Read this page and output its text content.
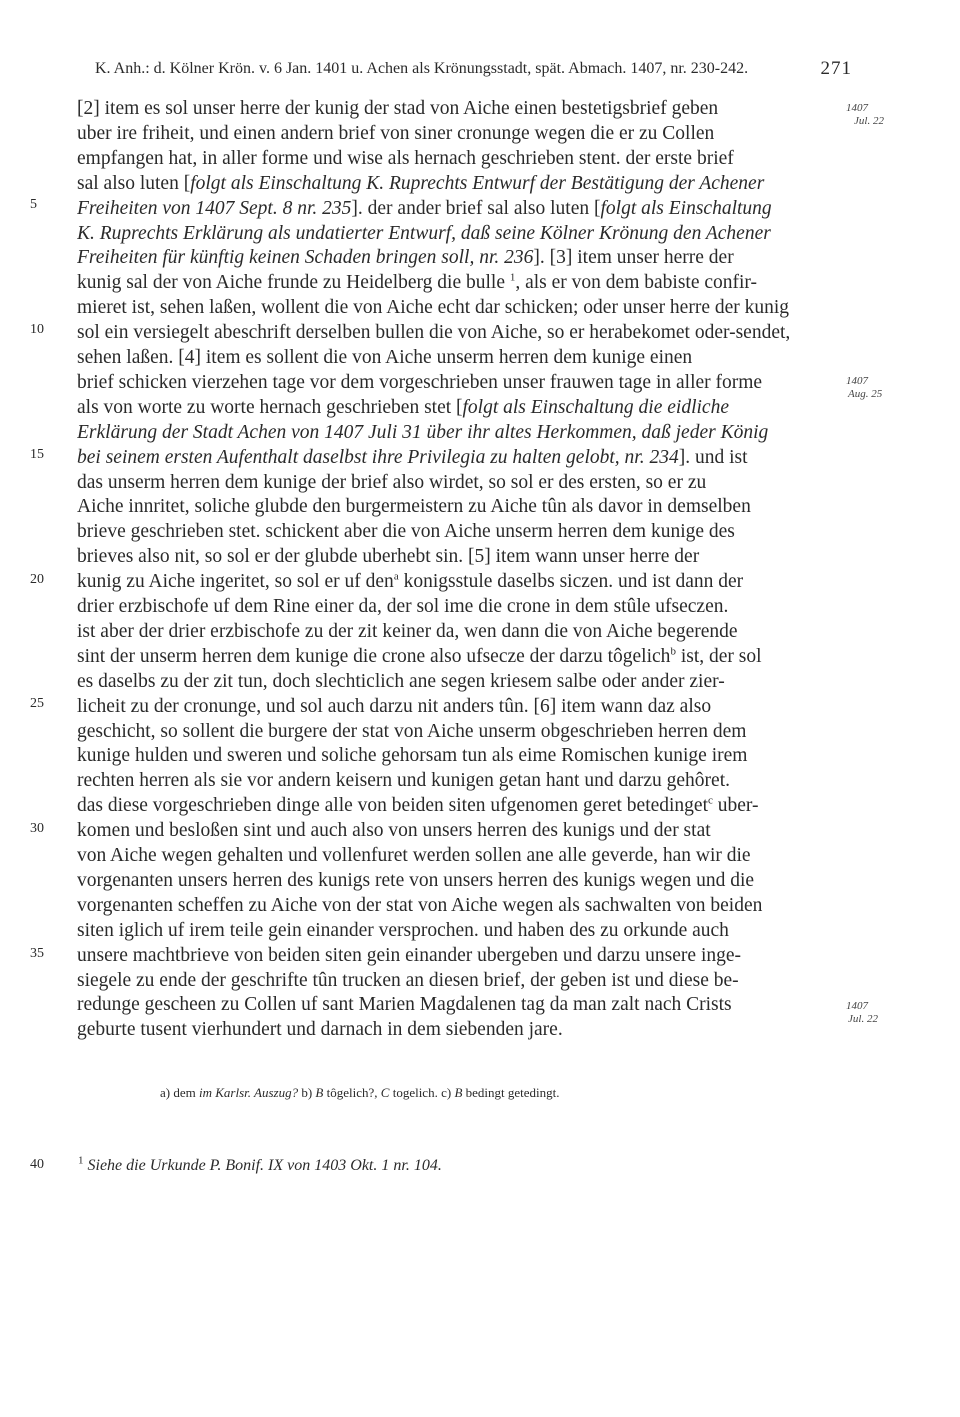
K. Anh.: d. Kölner Krön. v. 6 Jan. 1401 u. Achen als Krönungsstadt, spät. Abmach. 1407, nr. 230-242.	271
[2] item es sol unser herre der kunig der stad von Aiche einen bestetigsbrief geben
uber ire friheit, und einen andern brief von siner cronunge wegen die er zu Collen
empfangen hat, in aller forme und wise als hernach geschrieben stent. der erste brief
sal also luten [folgt als Einschaltung K. Ruprechts Entwurf der Bestätigung der Achener
Freiheiten von 1407 Sept. 8 nr. 235]. der ander brief sal also luten [folgt als Einschaltung
K. Ruprechts Erklärung als undatierter Entwurf, daß seine Kölner Krönung den Achener
Freiheiten für künftig keinen Schaden bringen soll, nr. 236]. [3] item unser herre der
kunig sal der von Aiche frunde zu Heidelberg die bulle $^1$, als er von dem babiste confir-
mieret ist, sehen laßen, wollent die von Aiche echt dar schicken; oder unser herre der kunig
sol ein versiegelt abeschrift derselben bullen die von Aiche, so er herabekomet oder-sendet,
sehen laßen. [4] item es sollent die von Aiche unserm herren dem kunige einen
brief schicken vierzehen tage vor dem vorgeschrieben unser frauwen tage in aller forme
als von worte zu worte hernach geschrieben stet [folgt als Einschaltung die eidliche
Erklärung der Stadt Achen von 1407 Juli 31 über ihr altes Herkommen, daß jeder König
bei seinem ersten Aufenthalt daselbst ihre Privilegia zu halten gelobt, nr. 234]. und ist
das unserm herren dem kunige der brief also wirdet, so sol er des ersten, so er zu
Aiche innritet, soliche glubde den burgermeistern zu Aiche tûn als davor in demselben
brieve geschrieben stet. schickent aber die von Aiche unserm herren dem kunige des
brieves also nit, so sol er der glubde uberhebt sin. [5] item wann unser herre der
kunig zu Aiche ingeritet, so sol er uf den$^a$ konigsstule daselbs siczen. und ist dann der
drier erzbischofe uf dem Rine einer da, der sol ime die crone in dem stûle ufseczen.
ist aber der drier erzbischofe zu der zit keiner da, wen dann die von Aiche begerende
sint der unserm herren dem kunige die crone also ufsecze der darzu tôgelich$^b$ ist, der sol
es daselbs zu der zit tun, doch slechticlich ane segen kriesem salbe oder ander zier-
licheit zu der cronunge, und sol auch darzu nit anders tûn. [6] item wann daz also
geschicht, so sollent die burgere der stat von Aiche unserm obgeschrieben herren dem
kunige hulden und sweren und soliche gehorsam tun als eime Romischen kunige irem
rechten herren als sie vor andern keisern und kunigen getan hant und darzu gehôret.
das diese vorgeschrieben dinge alle von beiden siten ufgenomen geret betedinget$^c$ uber-
komen und besloßen sint und auch also von unsers herren des kunigs und der stat
von Aiche wegen gehalten und vollenfuret werden sollen ane alle geverde, han wir die
vorgenanten unsers herren des kunigs rete von unsers herren des kunigs wegen und die
vorgenanten scheffen zu Aiche von der stat von Aiche wegen als sachwalten von beiden
siten iglich uf irem teile gein einander versprochen. und haben des zu orkunde auch
unsere machtbrieve von beiden siten gein einander ubergeben und darzu unsere inge-
siegele zu ende der geschrifte tûn trucken an diesen brief, der geben ist und diese be-
redunge gescheen zu Collen uf sant Marien Magdalenen tag da man zalt nach Crists
geburte tusent vierhundert und darnach in dem siebenden jare.
5
10
15
20
25
30
35
40
1407
Jul. 22
1407
Aug. 25
1407
Jul. 22
a) dem im Karlsr. Auszug? b) B tôgelich?, C togelich. c) B bedingt getedingt.
$^1$ Siehe die Urkunde P. Bonif. IX von 1403 Okt. 1 nr. 104.
